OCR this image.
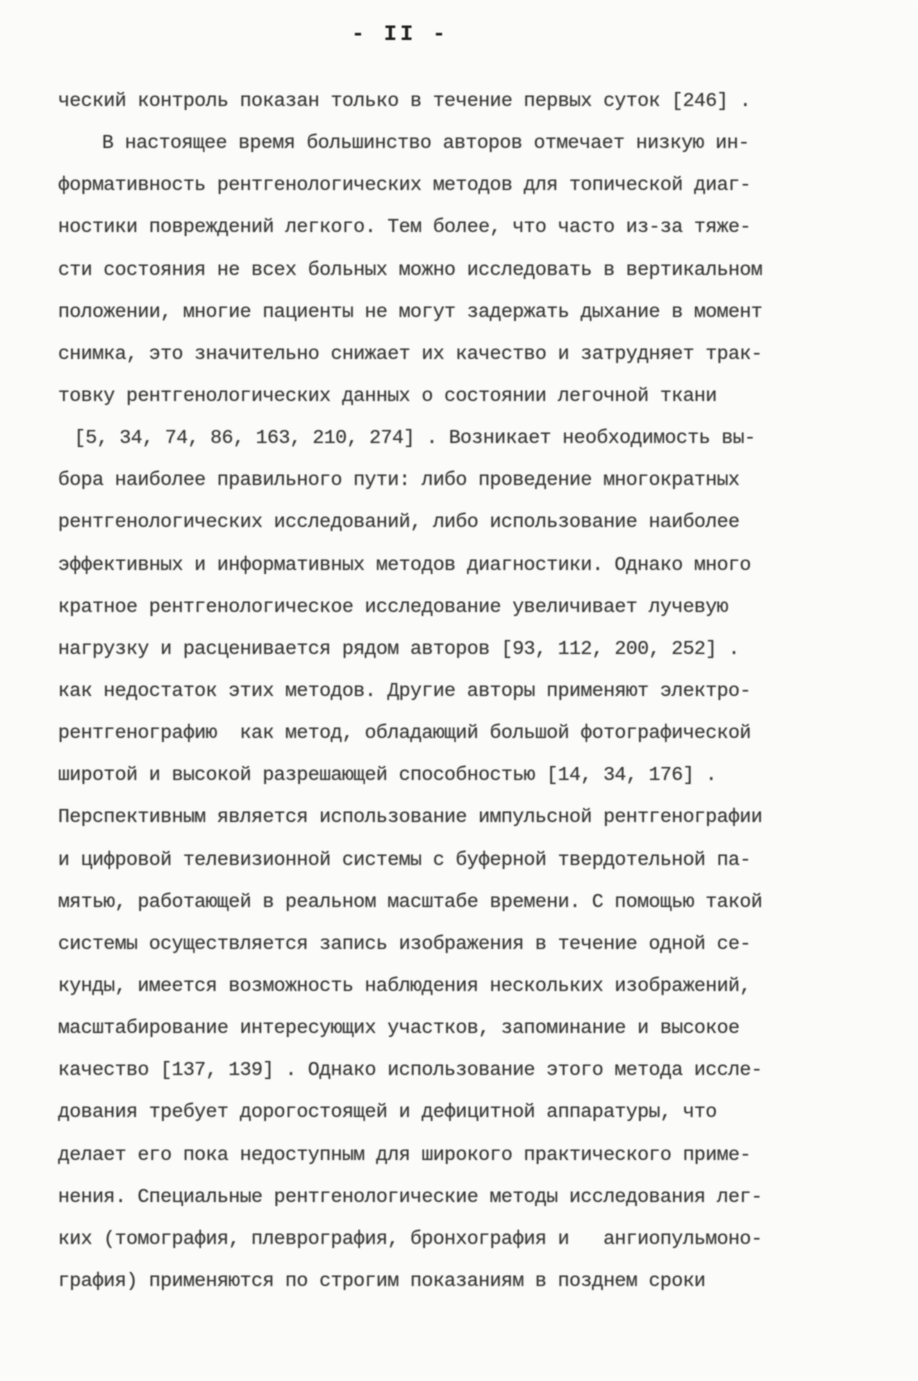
- II -
ческий контроль показан только в течение первых суток [246] .
В настоящее время большинство авторов отмечает низкую ин-
формативность рентгенологических методов для топической диаг-
ностики повреждений легкого. Тем более, что часто из-за тяже-
сти состояния не всех больных можно исследовать в вертикальном
положении, многие пациенты не могут задержать дыхание в момент
снимка, это значительно снижает их качество и затрудняет трак-
товку рентгенологических данных о состоянии легочной ткани
[5, 34, 74, 86, 163, 210, 274] . Возникает необходимость вы-
бора наиболее правильного пути: либо проведение многократных
рентгенологических исследований, либо использование наиболее
эффективных и информативных методов диагностики. Однако много
кратное рентгенологическое исследование увеличивает лучевую
нагрузку и расценивается рядом авторов [93, 112, 200, 252] .
как недостаток этих методов. Другие авторы применяют электро-
рентгенографию  как метод, обладающий большой фотографической
широтой и высокой разрешающей способностью [14, 34, 176] .
Перспективным является использование импульсной рентгенографии
и цифровой телевизионной системы с буферной твердотельной па-
мятью, работающей в реальном масштабе времени. С помощью такой
системы осуществляется запись изображения в течение одной се-
кунды, имеется возможность наблюдения нескольких изображений,
масштабирование интересующих участков, запоминание и высокое
качество [137, 139] . Однако использование этого метода иссле-
дования требует дорогостоящей и дефицитной аппаратуры, что
делает его пока недоступным для широкого практического приме-
нения. Специальные рентгенологические методы исследования лег-
ких (томография, плеврография, бронхография и   ангиопульмоно-
графия) применяются по строгим показаниям в позднем сроки
